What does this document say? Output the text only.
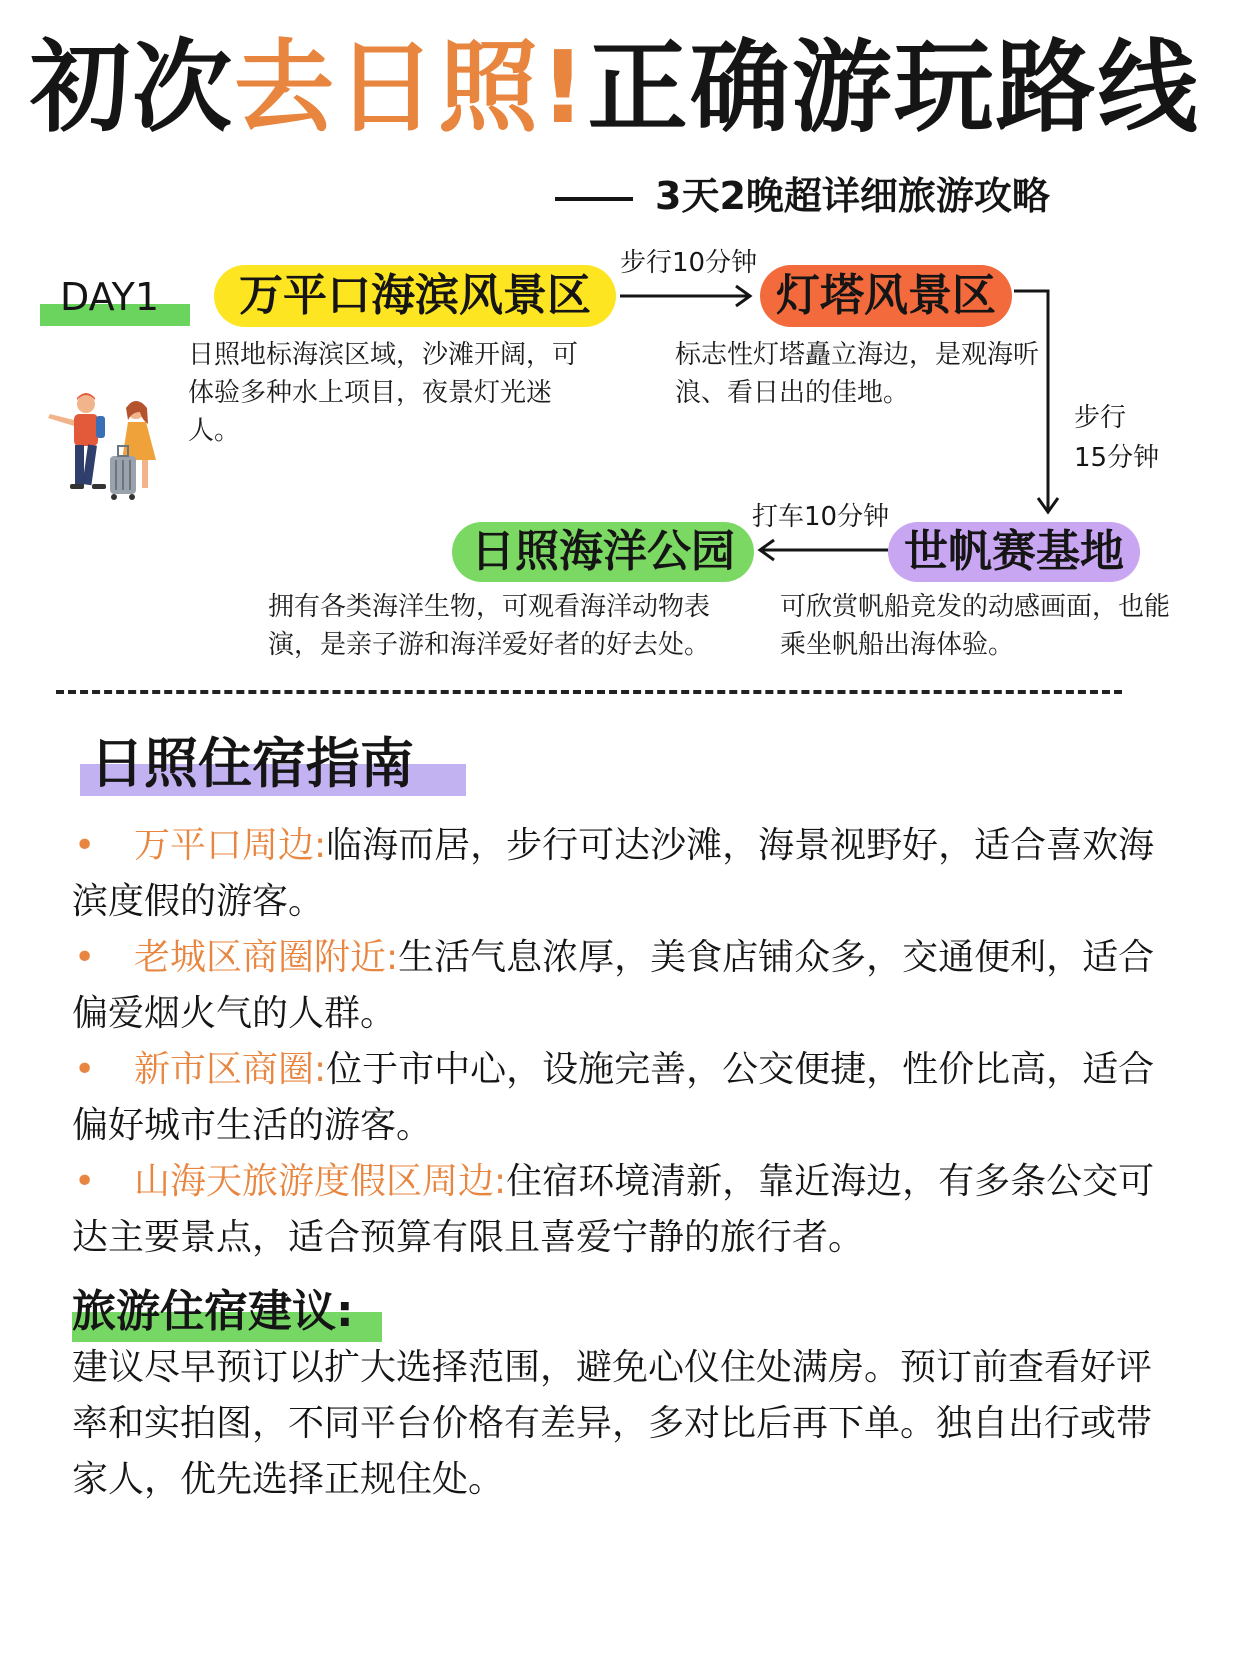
初次去日照!正确游玩路线
3天2晚超详细旅游攻略
DAY1	万平口海滨风景区	灯塔风景区
日照海洋公园	世帆赛基地
日照地标海滨区域，沙滩开阔，可体验多种水上项目，夜景灯光迷人。
标志性灯塔矗立海边，是观海听浪、看日出的佳地。
拥有各类海洋生物，可观看海洋动物表演，是亲子游和海洋爱好者的好去处。
可欣赏帆船竞发的动感画面，也能乘坐帆船出海体验。
步行10分钟
步行
15分钟
打车10分钟
日照住宿指南
• 万平口周边:临海而居，步行可达沙滩，海景视野好，适合喜欢海滨度假的游客。
• 老城区商圈附近:生活气息浓厚，美食店铺众多，交通便利，适合偏爱烟火气的人群。
• 新市区商圈:位于市中心，设施完善，公交便捷，性价比高，适合偏好城市生活的游客。
• 山海天旅游度假区周边:住宿环境清新，靠近海边，有多条公交可达主要景点，适合预算有限且喜爱宁静的旅行者。
旅游住宿建议:
建议尽早预订以扩大选择范围，避免心仪住处满房。预订前查看好评率和实拍图，不同平台价格有差异，多对比后再下单。独自出行或带家人，优先选择正规住处。
